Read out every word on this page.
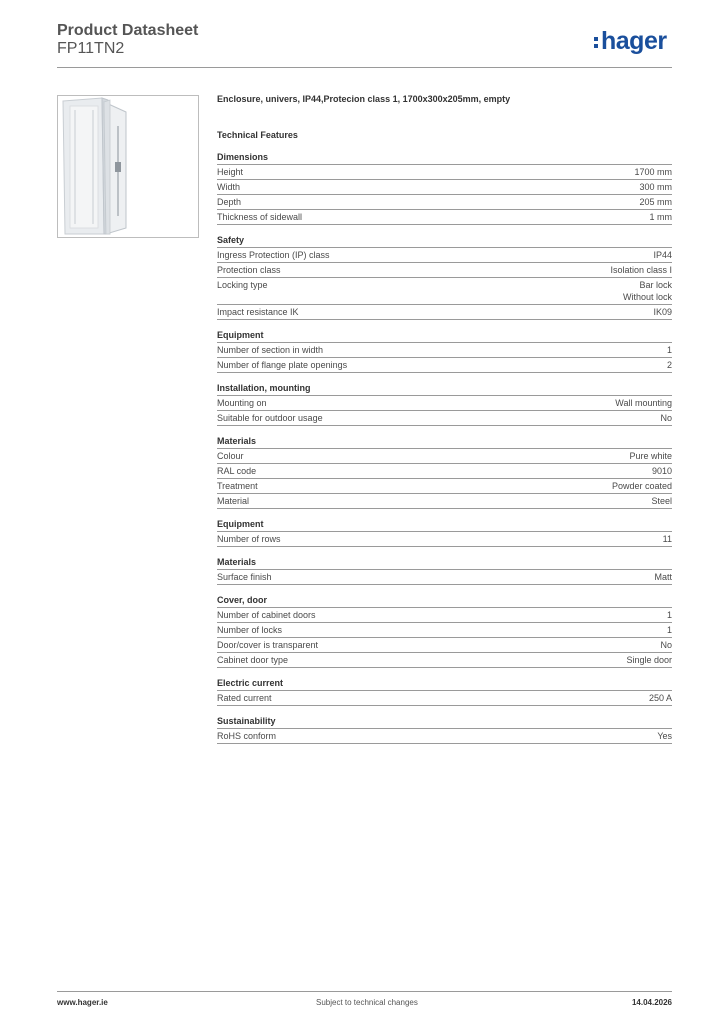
Product Datasheet
FP11TN2	hager
Enclosure, univers, IP44,Protecion class 1, 1700x300x205mm, empty
Technical Features
Dimensions
Height	1700 mm
Width	300 mm
Depth	205 mm
Thickness of sidewall	1 mm
Safety
Ingress Protection (IP) class	IP44
Protection class	Isolation class I
Locking type	Bar lock
Without lock
Impact resistance IK	IK09
Equipment
Number of section in width	1
Number of flange plate openings	2
Installation, mounting
Mounting on	Wall mounting
Suitable for outdoor usage	No
Materials
Colour	Pure white
RAL code	9010
Treatment	Powder coated
Material	Steel
Equipment
Number of rows	11
Materials
Surface finish	Matt
Cover, door
Number of cabinet doors	1
Number of locks	1
Door/cover is transparent	No
Cabinet door type	Single door
Electric current
Rated current	250 A
Sustainability
RoHS conform	Yes
www.hager.ie	Subject to technical changes	14.04.2026
